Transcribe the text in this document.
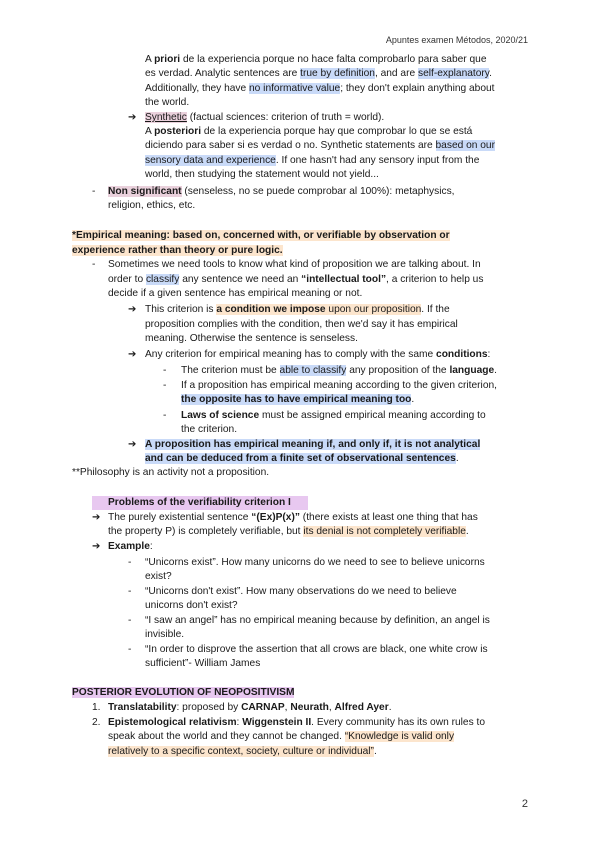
Apuntes examen Métodos, 2020/21
A priori de la experiencia porque no hace falta comprobarlo para saber que
es verdad. Analytic sentences are true by definition, and are self-explanatory.
Additionally, they have no informative value; they don't explain anything about
the world.
➔ Synthetic (factual sciences: criterion of truth = world).
A posteriori de la experiencia porque hay que comprobar lo que se está
diciendo para saber si es verdad o no. Synthetic statements are based on our
sensory data and experience. If one hasn't had any sensory input from the
world, then studying the statement would not yield...
- Non significant (senseless, no se puede comprobar al 100%): metaphysics,
religion, ethics, etc.
*Empirical meaning: based on, concerned with, or verifiable by observation or
experience rather than theory or pure logic.
- Sometimes we need tools to know what kind of proposition we are talking about. In
order to classify any sentence we need an “intellectual tool”, a criterion to help us
decide if a given sentence has empirical meaning or not.
➔ This criterion is a condition we impose upon our proposition. If the
proposition complies with the condition, then we'd say it has empirical
meaning. Otherwise the sentence is senseless.
➔ Any criterion for empirical meaning has to comply with the same conditions:
- The criterion must be able to classify any proposition of the language.
- If a proposition has empirical meaning according to the given criterion,
the opposite has to have empirical meaning too.
- Laws of science must be assigned empirical meaning according to
the criterion.
➔ A proposition has empirical meaning if, and only if, it is not analytical
and can be deduced from a finite set of observational sentences.
**Philosophy is an activity not a proposition.
Problems of the verifiability criterion I
➔ The purely existential sentence “(Ex)P(x)” (there exists at least one thing that has
the property P) is completely verifiable, but its denial is not completely verifiable.
➔ Example:
- “Unicorns exist”. How many unicorns do we need to see to believe unicorns
exist?
- “Unicorns don't exist”. How many observations do we need to believe
unicorns don't exist?
- “I saw an angel” has no empirical meaning because by definition, an angel is
invisible.
- “In order to disprove the assertion that all crows are black, one white crow is
sufficient”- William James
POSTERIOR EVOLUTION OF NEOPOSITIVISM
1. Translatability: proposed by CARNAP, Neurath, Alfred Ayer.
2. Epistemological relativism: Wiggenstein II. Every community has its own rules to
speak about the world and they cannot be changed. “Knowledge is valid only
relatively to a specific context, society, culture or individual”.
2
